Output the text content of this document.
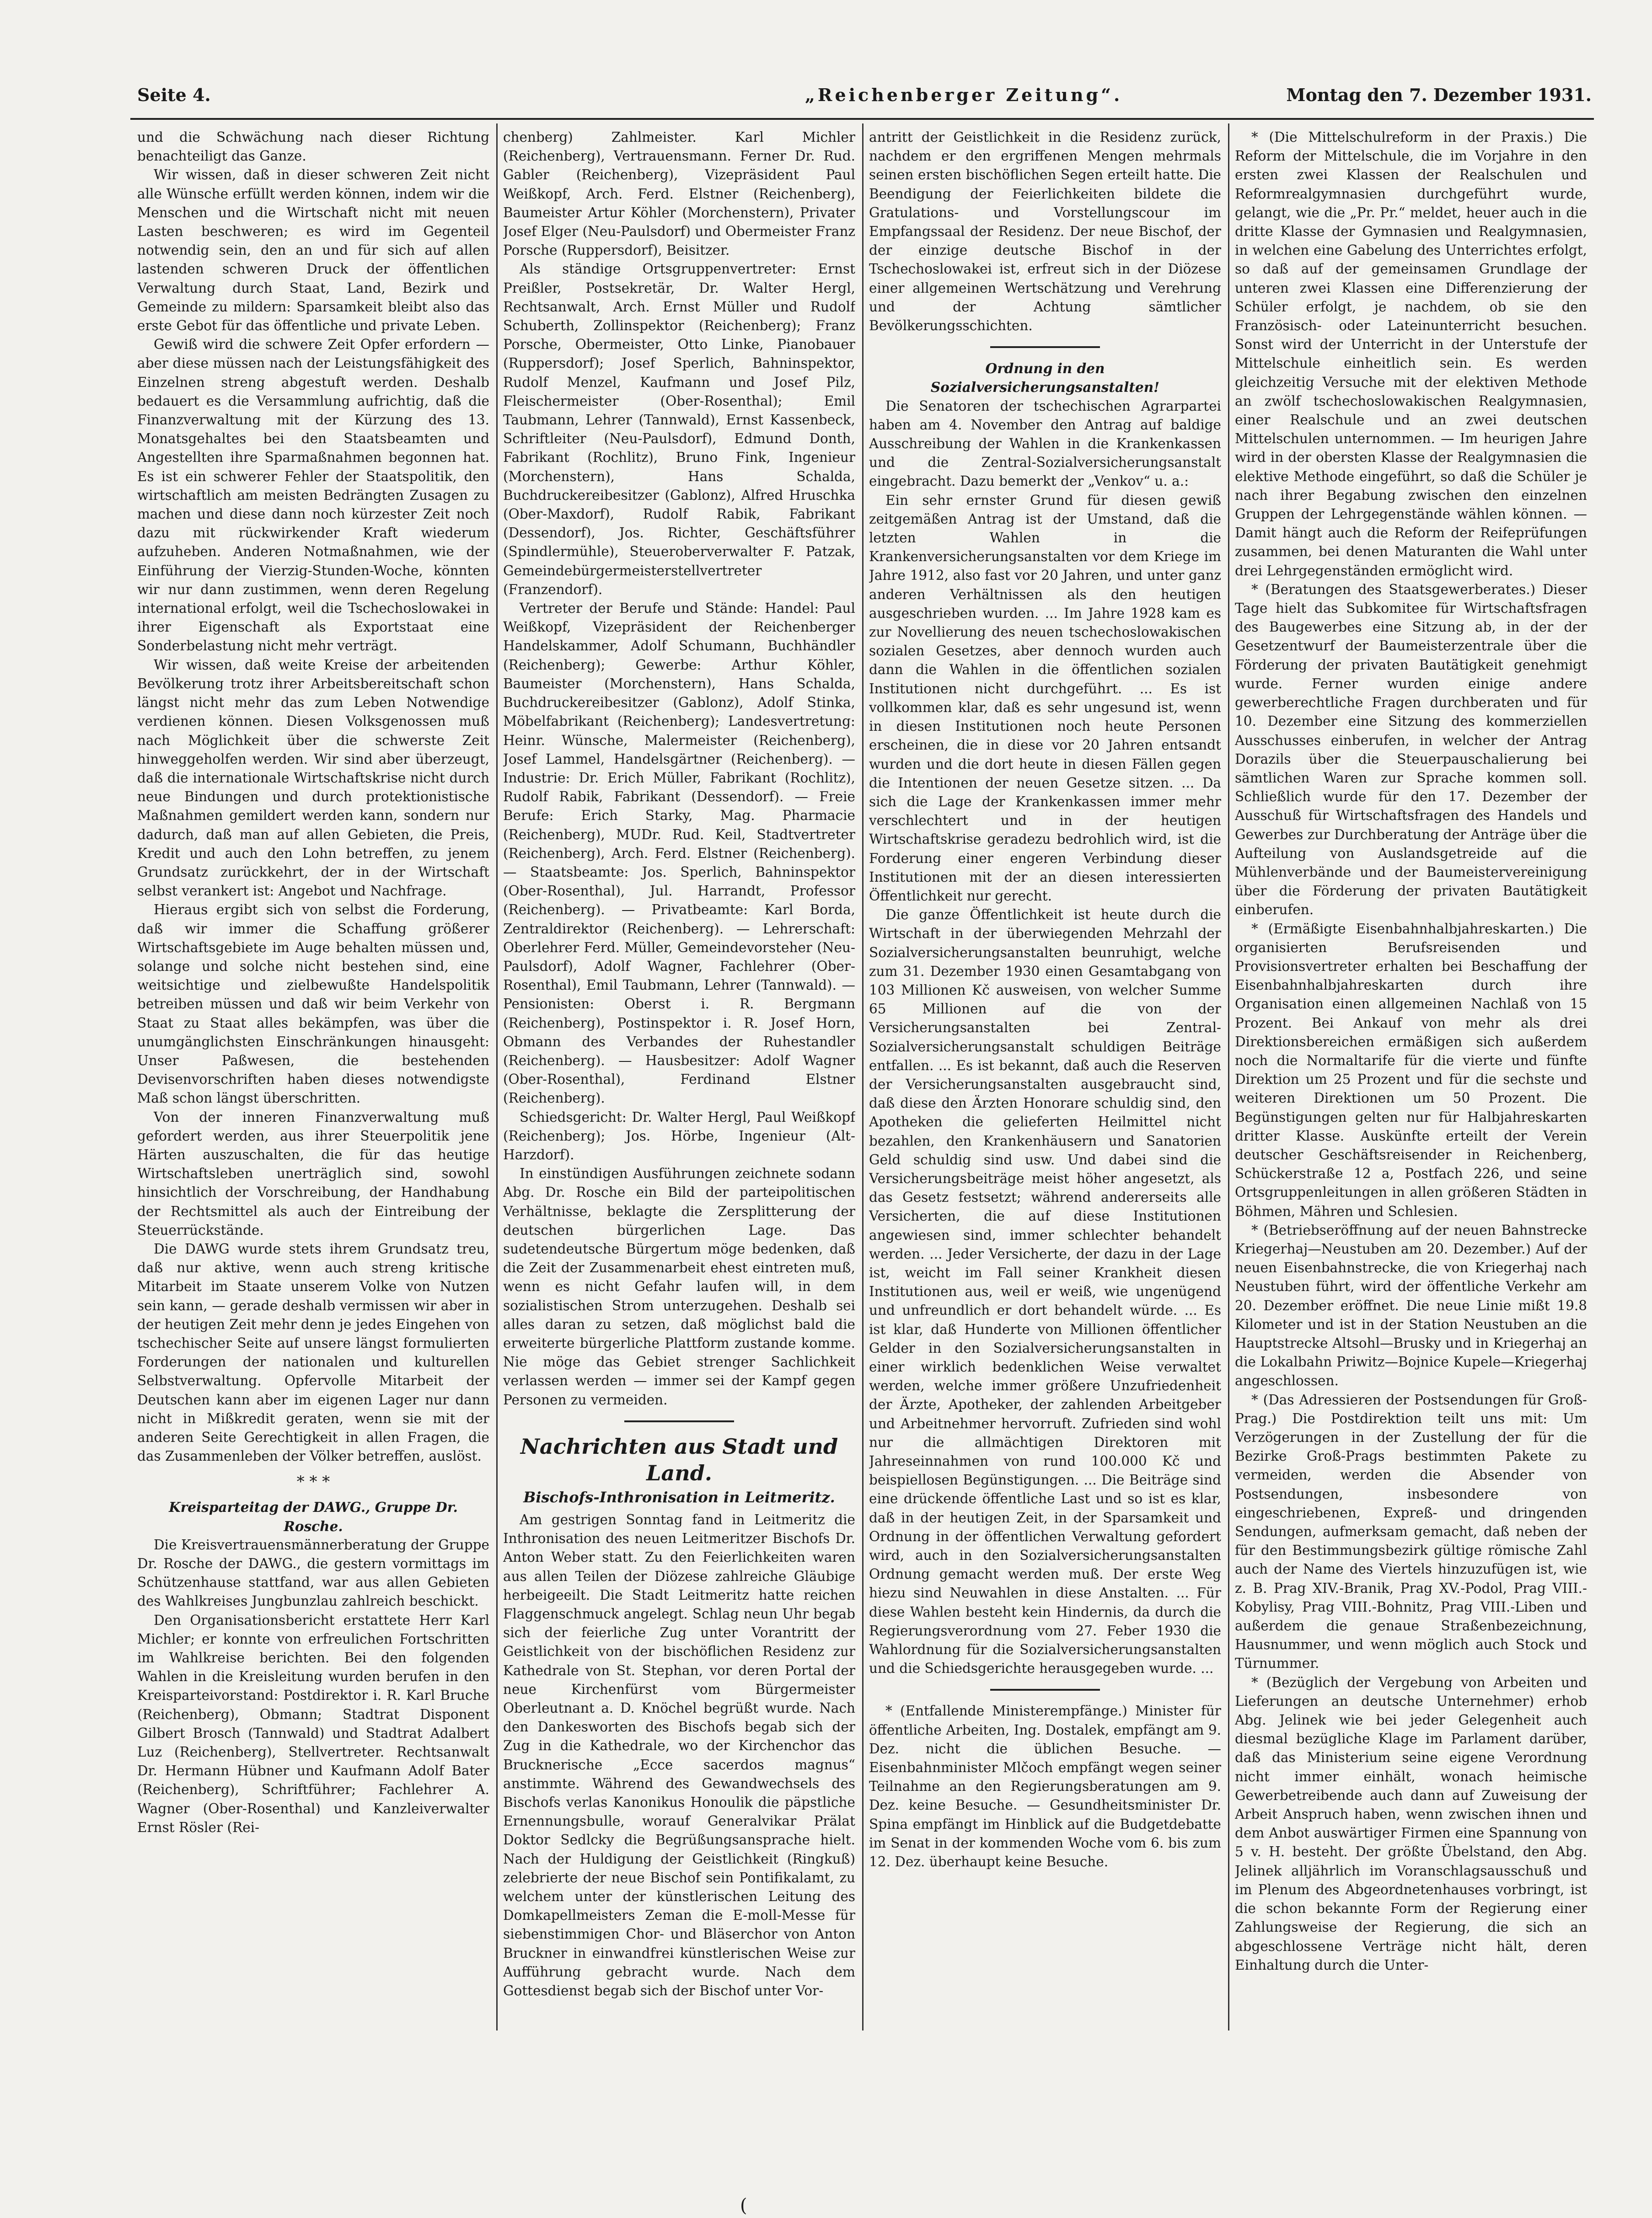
Seite 4.	„Reichenberger Zeitung“.	Montag den 7. Dezember 1931.

und die Schwächung nach dieser Richtung benachteiligt das Ganze.

Wir wissen, daß in dieser schweren Zeit nicht alle Wünsche erfüllt werden können, indem wir die Menschen und die Wirtschaft nicht mit neuen Lasten beschweren; es wird im Gegenteil notwendig sein, den an und für sich auf allen lastenden schweren Druck der öffentlichen Verwaltung durch Staat, Land, Bezirk und Gemeinde zu mildern: Sparsamkeit bleibt also das erste Gebot für das öffentliche und private Leben.

Gewiß wird die schwere Zeit Opfer erfordern — aber diese müssen nach der Leistungsfähigkeit des Einzelnen streng abgestuft werden. Deshalb bedauert es die Versammlung aufrichtig, daß die Finanzverwaltung mit der Kürzung des 13. Monatsgehaltes bei den Staatsbeamten und Angestellten ihre Sparmaßnahmen begonnen hat. Es ist ein schwerer Fehler der Staatspolitik, den wirtschaftlich am meisten Bedrängten Zusagen zu machen und diese dann noch kürzester Zeit noch dazu mit rückwirkender Kraft wiederum aufzuheben. Anderen Notmaßnahmen, wie der Einführung der Vierzig-Stunden-Woche, könnten wir nur dann zustimmen, wenn deren Regelung international erfolgt, weil die Tschechoslowakei in ihrer Eigenschaft als Exportstaat eine Sonderbelastung nicht mehr verträgt.

Wir wissen, daß weite Kreise der arbeitenden Bevölkerung trotz ihrer Arbeitsbereitschaft schon längst nicht mehr das zum Leben Notwendige verdienen können. Diesen Volksgenossen muß nach Möglichkeit über die schwerste Zeit hinweggeholfen werden. Wir sind aber überzeugt, daß die internationale Wirtschaftskrise nicht durch neue Bindungen und durch protektionistische Maßnahmen gemildert werden kann, sondern nur dadurch, daß man auf allen Gebieten, die Preis, Kredit und auch den Lohn betreffen, zu jenem Grundsatz zurückkehrt, der in der Wirtschaft selbst verankert ist: Angebot und Nachfrage.

Hieraus ergibt sich von selbst die Forderung, daß wir immer die Schaffung größerer Wirtschaftsgebiete im Auge behalten müssen und, solange und solche nicht bestehen sind, eine weitsichtige und zielbewußte Handelspolitik betreiben müssen und daß wir beim Verkehr von Staat zu Staat alles bekämpfen, was über die unumgänglichsten Einschränkungen hinausgeht: Unser Paßwesen, die bestehenden Devisenvorschriften haben dieses notwendigste Maß schon längst überschritten.

Von der inneren Finanzverwaltung muß gefordert werden, aus ihrer Steuerpolitik jene Härten auszuschalten, die für das heutige Wirtschaftsleben unerträglich sind, sowohl hinsichtlich der Vorschreibung, der Handhabung der Rechtsmittel als auch der Eintreibung der Steuerrückstände.

Die DAWG wurde stets ihrem Grundsatz treu, daß nur aktive, wenn auch streng kritische Mitarbeit im Staate unserem Volke von Nutzen sein kann, — gerade deshalb vermissen wir aber in der heutigen Zeit mehr denn je jedes Eingehen von tschechischer Seite auf unsere längst formulierten Forderungen der nationalen und kulturellen Selbstverwaltung. Opfervolle Mitarbeit der Deutschen kann aber im eigenen Lager nur dann nicht in Mißkredit geraten, wenn sie mit der anderen Seite Gerechtigkeit in allen Fragen, die das Zusammenleben der Völker betreffen, auslöst.

* * *

Kreisparteitag der DAWG., Gruppe Dr. Rosche.

Die Kreisvertrauensmännerberatung der Gruppe Dr. Rosche der DAWG., die gestern vormittags im Schützenhause stattfand, war aus allen Gebieten des Wahlkreises Jungbunzlau zahlreich beschickt.

Den Organisationsbericht erstattete Herr Karl Michler; er konnte von erfreulichen Fortschritten im Wahlkreise berichten. Bei den folgenden Wahlen in die Kreisleitung wurden berufen in den Kreisparteivorstand: Postdirektor i. R. Karl Bruche (Reichenberg), Obmann; Stadtrat Disponent Gilbert Brosch (Tannwald) und Stadtrat Adalbert Luz (Reichenberg), Stellvertreter. Rechtsanwalt Dr. Hermann Hübner und Kaufmann Adolf Bater (Reichenberg), Schriftführer; Fachlehrer A. Wagner (Ober-Rosenthal) und Kanzleiverwalter Ernst Rösler (Rei-

chenberg) Zahlmeister. Karl Michler (Reichenberg), Vertrauensmann. Ferner Dr. Rud. Gabler (Reichenberg), Vizepräsident Paul Weißkopf, Arch. Ferd. Elstner (Reichenberg), Baumeister Artur Köhler (Morchenstern), Privater Josef Elger (Neu-Paulsdorf) und Obermeister Franz Porsche (Ruppersdorf), Beisitzer.

Als ständige Ortsgruppenvertreter: Ernst Preißler, Postsekretär, Dr. Walter Hergl, Rechtsanwalt, Arch. Ernst Müller und Rudolf Schuberth, Zollinspektor (Reichenberg); Franz Porsche, Obermeister, Otto Linke, Pianobauer (Ruppersdorf); Josef Sperlich, Bahninspektor, Rudolf Menzel, Kaufmann und Josef Pilz, Fleischermeister (Ober-Rosenthal); Emil Taubmann, Lehrer (Tannwald), Ernst Kassenbeck, Schriftleiter (Neu-Paulsdorf), Edmund Donth, Fabrikant (Rochlitz), Bruno Fink, Ingenieur (Morchenstern), Hans Schalda, Buchdruckereibesitzer (Gablonz), Alfred Hruschka (Ober-Maxdorf), Rudolf Rabik, Fabrikant (Dessendorf), Jos. Richter, Geschäftsführer (Spindlermühle), Steueroberverwalter F. Patzak, Gemeindebürgermeisterstellvertreter (Franzendorf).

Vertreter der Berufe und Stände: Handel: Paul Weißkopf, Vizepräsident der Reichenberger Handelskammer, Adolf Schumann, Buchhändler (Reichenberg); Gewerbe: Arthur Köhler, Baumeister (Morchenstern), Hans Schalda, Buchdruckereibesitzer (Gablonz), Adolf Stinka, Möbelfabrikant (Reichenberg); Landesvertretung: Heinr. Wünsche, Malermeister (Reichenberg), Josef Lammel, Handelsgärtner (Reichenberg). — Industrie: Dr. Erich Müller, Fabrikant (Rochlitz), Rudolf Rabik, Fabrikant (Dessendorf). — Freie Berufe: Erich Starky, Mag. Pharmacie (Reichenberg), MUDr. Rud. Keil, Stadtvertreter (Reichenberg), Arch. Ferd. Elstner (Reichenberg). — Staatsbeamte: Jos. Sperlich, Bahninspektor (Ober-Rosenthal), Jul. Harrandt, Professor (Reichenberg). — Privatbeamte: Karl Borda, Zentraldirektor (Reichenberg). — Lehrerschaft: Oberlehrer Ferd. Müller, Gemeindevorsteher (Neu-Paulsdorf), Adolf Wagner, Fachlehrer (Ober-Rosenthal), Emil Taubmann, Lehrer (Tannwald). — Pensionisten: Oberst i. R. Bergmann (Reichenberg), Postinspektor i. R. Josef Horn, Obmann des Verbandes der Ruhestandler (Reichenberg). — Hausbesitzer: Adolf Wagner (Ober-Rosenthal), Ferdinand Elstner (Reichenberg).

Schiedsgericht: Dr. Walter Hergl, Paul Weißkopf (Reichenberg); Jos. Hörbe, Ingenieur (Alt-Harzdorf).

In einstündigen Ausführungen zeichnete sodann Abg. Dr. Rosche ein Bild der parteipolitischen Verhältnisse, beklagte die Zersplitterung der deutschen bürgerlichen Lage. Das sudetendeutsche Bürgertum möge bedenken, daß die Zeit der Zusammenarbeit ehest eintreten muß, wenn es nicht Gefahr laufen will, in dem sozialistischen Strom unterzugehen. Deshalb sei alles daran zu setzen, daß möglichst bald die erweiterte bürgerliche Plattform zustande komme. Nie möge das Gebiet strenger Sachlichkeit verlassen werden — immer sei der Kampf gegen Personen zu vermeiden.

Nachrichten aus Stadt und Land.
Bischofs-Inthronisation in Leitmeritz.

Am gestrigen Sonntag fand in Leitmeritz die Inthronisation des neuen Leitmeritzer Bischofs Dr. Anton Weber statt. Zu den Feierlichkeiten waren aus allen Teilen der Diözese zahlreiche Gläubige herbeigeeilt. Die Stadt Leitmeritz hatte reichen Flaggenschmuck angelegt. Schlag neun Uhr begab sich der feierliche Zug unter Vorantritt der Geistlichkeit von der bischöflichen Residenz zur Kathedrale von St. Stephan, vor deren Portal der neue Kirchenfürst vom Bürgermeister Oberleutnant a. D. Knöchel begrüßt wurde. Nach den Dankesworten des Bischofs begab sich der Zug in die Kathedrale, wo der Kirchenchor das Brucknerische „Ecce sacerdos magnus“ anstimmte. Während des Gewandwechsels des Bischofs verlas Kanonikus Honoulik die päpstliche Ernennungsbulle, worauf Generalvikar Prälat Doktor Sedlcky die Begrüßungsansprache hielt. Nach der Huldigung der Geistlichkeit (Ringkuß) zelebrierte der neue Bischof sein Pontifikalamt, zu welchem unter der künstlerischen Leitung des Domkapellmeisters Zeman die E-moll-Messe für siebenstimmigen Chor- und Bläserchor von Anton Bruckner in einwandfrei künstlerischen Weise zur Aufführung gebracht wurde. Nach dem Gottesdienst begab sich der Bischof unter Vor-

antritt der Geistlichkeit in die Residenz zurück, nachdem er den ergriffenen Mengen mehrmals seinen ersten bischöflichen Segen erteilt hatte. Die Beendigung der Feierlichkeiten bildete die Gratulations- und Vorstellungscour im Empfangssaal der Residenz. Der neue Bischof, der der einzige deutsche Bischof in der Tschechoslowakei ist, erfreut sich in der Diözese einer allgemeinen Wertschätzung und Verehrung und der Achtung sämtlicher Bevölkerungsschichten.

Ordnung in den Sozialversicherungsanstalten!

Die Senatoren der tschechischen Agrarpartei haben am 4. November den Antrag auf baldige Ausschreibung der Wahlen in die Krankenkassen und die Zentral-Sozialversicherungsanstalt eingebracht. Dazu bemerkt der „Venkov“ u. a.:

Ein sehr ernster Grund für diesen gewiß zeitgemäßen Antrag ist der Umstand, daß die letzten Wahlen in die Krankenversicherungsanstalten vor dem Kriege im Jahre 1912, also fast vor 20 Jahren, und unter ganz anderen Verhältnissen als den heutigen ausgeschrieben wurden. ... Im Jahre 1928 kam es zur Novellierung des neuen tschechoslowakischen sozialen Gesetzes, aber dennoch wurden auch dann die Wahlen in die öffentlichen sozialen Institutionen nicht durchgeführt. ... Es ist vollkommen klar, daß es sehr ungesund ist, wenn in diesen Institutionen noch heute Personen erscheinen, die in diese vor 20 Jahren entsandt wurden und die dort heute in diesen Fällen gegen die Intentionen der neuen Gesetze sitzen. ... Da sich die Lage der Krankenkassen immer mehr verschlechtert und in der heutigen Wirtschaftskrise geradezu bedrohlich wird, ist die Forderung einer engeren Verbindung dieser Institutionen mit der an diesen interessierten Öffentlichkeit nur gerecht.

Die ganze Öffentlichkeit ist heute durch die Wirtschaft in der überwiegenden Mehrzahl der Sozialversicherungsanstalten beunruhigt, welche zum 31. Dezember 1930 einen Gesamtabgang von 103 Millionen Kč ausweisen, von welcher Summe 65 Millionen auf die von der Versicherungsanstalten bei Zentral-Sozialversicherungsanstalt schuldigen Beiträge entfallen. ... Es ist bekannt, daß auch die Reserven der Versicherungsanstalten ausgebraucht sind, daß diese den Ärzten Honorare schuldig sind, den Apotheken die gelieferten Heilmittel nicht bezahlen, den Krankenhäusern und Sanatorien Geld schuldig sind usw. Und dabei sind die Versicherungsbeiträge meist höher angesetzt, als das Gesetz festsetzt; während andererseits alle Versicherten, die auf diese Institutionen angewiesen sind, immer schlechter behandelt werden. ... Jeder Versicherte, der dazu in der Lage ist, weicht im Fall seiner Krankheit diesen Institutionen aus, weil er weiß, wie ungenügend und unfreundlich er dort behandelt würde. ... Es ist klar, daß Hunderte von Millionen öffentlicher Gelder in den Sozialversicherungsanstalten in einer wirklich bedenklichen Weise verwaltet werden, welche immer größere Unzufriedenheit der Ärzte, Apotheker, der zahlenden Arbeitgeber und Arbeitnehmer hervorruft. Zufrieden sind wohl nur die allmächtigen Direktoren mit Jahreseinnahmen von rund 100.000 Kč und beispiellosen Begünstigungen. ... Die Beiträge sind eine drückende öffentliche Last und so ist es klar, daß in der heutigen Zeit, in der Sparsamkeit und Ordnung in der öffentlichen Verwaltung gefordert wird, auch in den Sozialversicherungsanstalten Ordnung gemacht werden muß. Der erste Weg hiezu sind Neuwahlen in diese Anstalten. ... Für diese Wahlen besteht kein Hindernis, da durch die Regierungsverordnung vom 27. Feber 1930 die Wahlordnung für die Sozialversicherungsanstalten und die Schiedsgerichte herausgegeben wurde. ...

* (Entfallende Ministerempfänge.) Minister für öffentliche Arbeiten, Ing. Dostalek, empfängt am 9. Dez. nicht die üblichen Besuche. — Eisenbahnminister Mlčoch empfängt wegen seiner Teilnahme an den Regierungsberatungen am 9. Dez. keine Besuche. — Gesundheitsminister Dr. Spina empfängt im Hinblick auf die Budgetdebatte im Senat in der kommenden Woche vom 6. bis zum 12. Dez. überhaupt keine Besuche.

* (Die Mittelschulreform in der Praxis.) Die Reform der Mittelschule, die im Vorjahre in den ersten zwei Klassen der Realschulen und Reformrealgymnasien durchgeführt wurde, gelangt, wie die „Pr. Pr.“ meldet, heuer auch in die dritte Klasse der Gymnasien und Realgymnasien, in welchen eine Gabelung des Unterrichtes erfolgt, so daß auf der gemeinsamen Grundlage der unteren zwei Klassen eine Differenzierung der Schüler erfolgt, je nachdem, ob sie den Französisch- oder Lateinunterricht besuchen. Sonst wird der Unterricht in der Unterstufe der Mittelschule einheitlich sein. Es werden gleichzeitig Versuche mit der elektiven Methode an zwölf tschechoslowakischen Realgymnasien, einer Realschule und an zwei deutschen Mittelschulen unternommen. — Im heurigen Jahre wird in der obersten Klasse der Realgymnasien die elektive Methode eingeführt, so daß die Schüler je nach ihrer Begabung zwischen den einzelnen Gruppen der Lehrgegenstände wählen können. — Damit hängt auch die Reform der Reifeprüfungen zusammen, bei denen Maturanten die Wahl unter drei Lehrgegenständen ermöglicht wird.

* (Beratungen des Staatsgewerberates.) Dieser Tage hielt das Subkomitee für Wirtschaftsfragen des Baugewerbes eine Sitzung ab, in der der Gesetzentwurf der Baumeisterzentrale über die Förderung der privaten Bautätigkeit genehmigt wurde. Ferner wurden einige andere gewerberechtliche Fragen durchberaten und für 10. Dezember eine Sitzung des kommerziellen Ausschusses einberufen, in welcher der Antrag Dorazils über die Steuerpauschalierung bei sämtlichen Waren zur Sprache kommen soll. Schließlich wurde für den 17. Dezember der Ausschuß für Wirtschaftsfragen des Handels und Gewerbes zur Durchberatung der Anträge über die Aufteilung von Auslandsgetreide auf die Mühlenverbände und der Baumeistervereinigung über die Förderung der privaten Bautätigkeit einberufen.

* (Ermäßigte Eisenbahnhalbjahreskarten.) Die organisierten Berufsreisenden und Provisionsvertreter erhalten bei Beschaffung der Eisenbahnhalbjahreskarten durch ihre Organisation einen allgemeinen Nachlaß von 15 Prozent. Bei Ankauf von mehr als drei Direktionsbereichen ermäßigen sich außerdem noch die Normaltarife für die vierte und fünfte Direktion um 25 Prozent und für die sechste und weiteren Direktionen um 50 Prozent. Die Begünstigungen gelten nur für Halbjahreskarten dritter Klasse. Auskünfte erteilt der Verein deutscher Geschäftsreisender in Reichenberg, Schückerstraße 12 a, Postfach 226, und seine Ortsgruppenleitungen in allen größeren Städten in Böhmen, Mähren und Schlesien.

* (Betriebseröffnung auf der neuen Bahnstrecke Kriegerhaj—Neustuben am 20. Dezember.) Auf der neuen Eisenbahnstrecke, die von Kriegerhaj nach Neustuben führt, wird der öffentliche Verkehr am 20. Dezember eröffnet. Die neue Linie mißt 19.8 Kilometer und ist in der Station Neustuben an die Hauptstrecke Altsohl—Brusky und in Kriegerhaj an die Lokalbahn Priwitz—Bojnice Kupele—Kriegerhaj angeschlossen.

* (Das Adressieren der Postsendungen für Groß-Prag.) Die Postdirektion teilt uns mit: Um Verzögerungen in der Zustellung der für die Bezirke Groß-Prags bestimmten Pakete zu vermeiden, werden die Absender von Postsendungen, insbesondere von eingeschriebenen, Expreß- und dringenden Sendungen, aufmerksam gemacht, daß neben der für den Bestimmungsbezirk gültige römische Zahl auch der Name des Viertels hinzuzufügen ist, wie z. B. Prag XIV.-Branik, Prag XV.-Podol, Prag VIII.-Kobylisy, Prag VIII.-Bohnitz, Prag VIII.-Liben und außerdem die genaue Straßenbezeichnung, Hausnummer, und wenn möglich auch Stock und Türnummer.

* (Bezüglich der Vergebung von Arbeiten und Lieferungen an deutsche Unternehmer) erhob Abg. Jelinek wie bei jeder Gelegenheit auch diesmal bezügliche Klage im Parlament darüber, daß das Ministerium seine eigene Verordnung nicht immer einhält, wonach heimische Gewerbetreibende auch dann auf Zuweisung der Arbeit Anspruch haben, wenn zwischen ihnen und dem Anbot auswärtiger Firmen eine Spannung von 5 v. H. besteht. Der größte Übelstand, den Abg. Jelinek alljährlich im Voranschlagsausschuß und im Plenum des Abgeordnetenhauses vorbringt, ist die schon bekannte Form der Regierung einer Zahlungsweise der Regierung, die sich an abgeschlossene Verträge nicht hält, deren Einhaltung durch die Unter-

(
